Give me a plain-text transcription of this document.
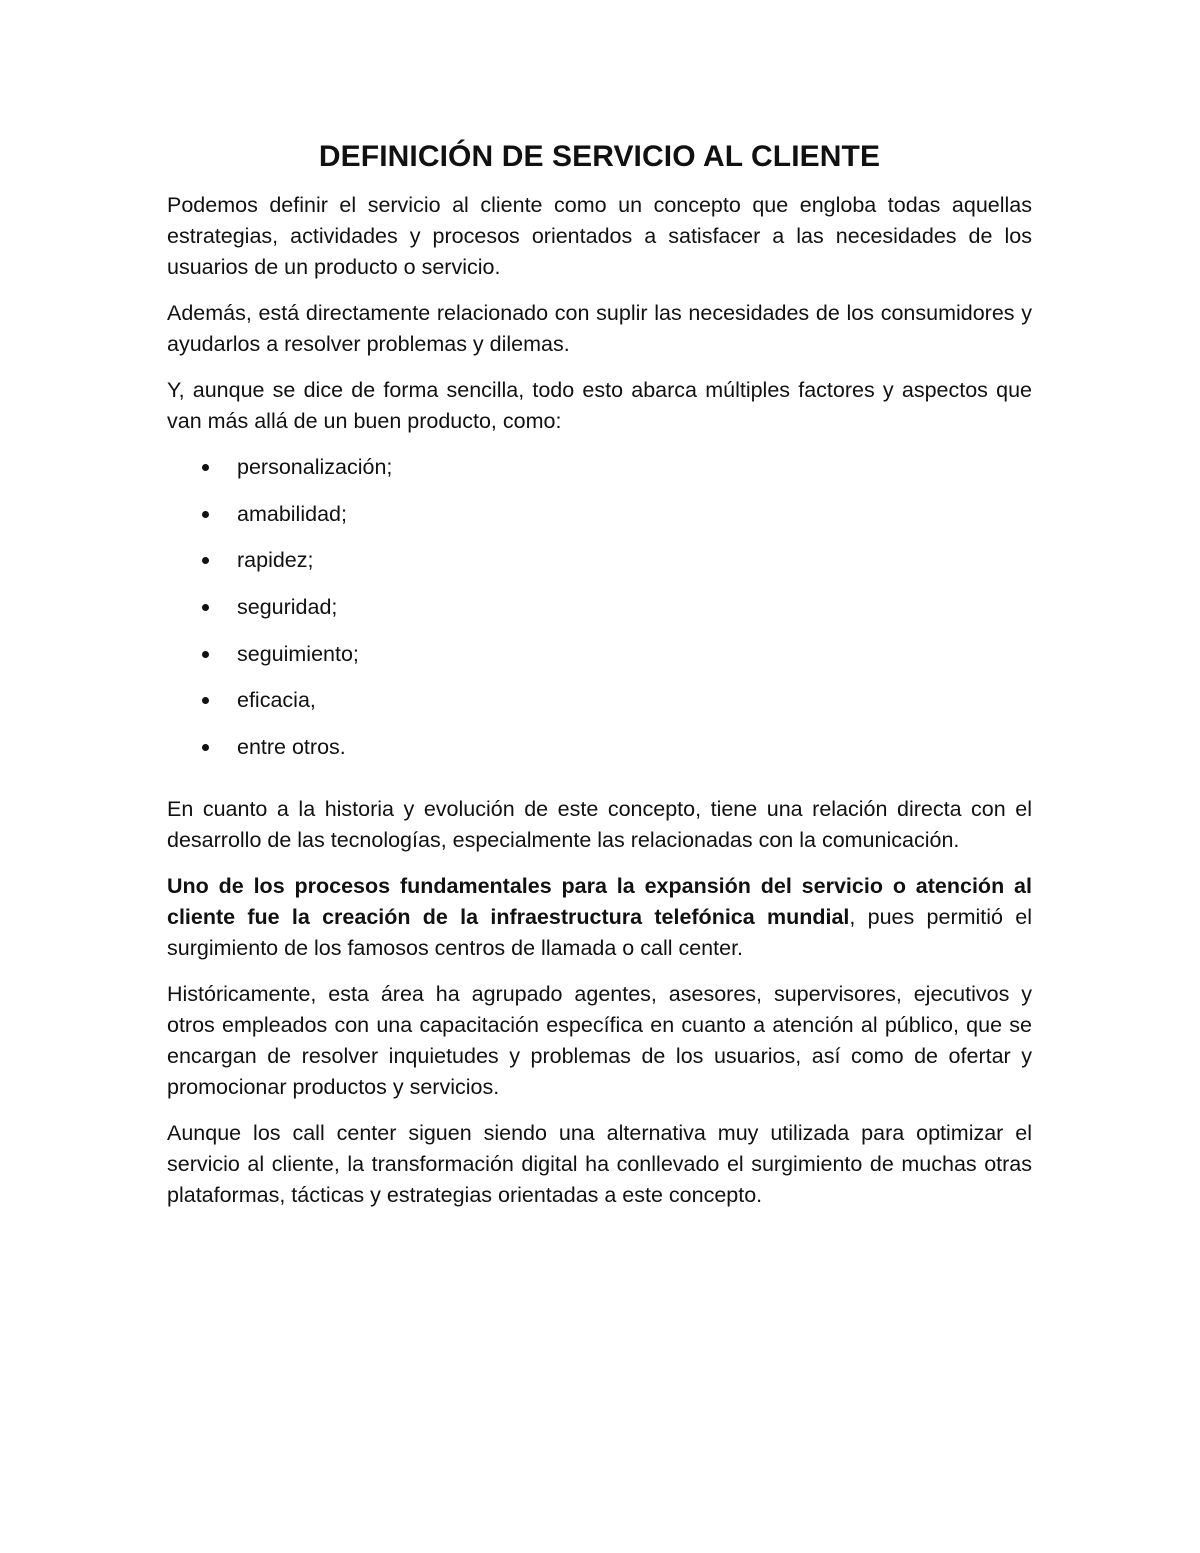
DEFINICIÓN DE SERVICIO AL CLIENTE

Podemos definir el servicio al cliente como un concepto que engloba todas aquellas estrategias, actividades y procesos orientados a satisfacer a las necesidades de los usuarios de un producto o servicio.

Además, está directamente relacionado con suplir las necesidades de los consumidores y ayudarlos a resolver problemas y dilemas.

Y, aunque se dice de forma sencilla, todo esto abarca múltiples factores y aspectos que van más allá de un buen producto, como:

personalización;
amabilidad;
rapidez;
seguridad;
seguimiento;
eficacia,
entre otros.

En cuanto a la historia y evolución de este concepto, tiene una relación directa con el desarrollo de las tecnologías, especialmente las relacionadas con la comunicación.

Uno de los procesos fundamentales para la expansión del servicio o atención al cliente fue la creación de la infraestructura telefónica mundial, pues permitió el surgimiento de los famosos centros de llamada o call center.

Históricamente, esta área ha agrupado agentes, asesores, supervisores, ejecutivos y otros empleados con una capacitación específica en cuanto a atención al público, que se encargan de resolver inquietudes y problemas de los usuarios, así como de ofertar y promocionar productos y servicios.

Aunque los call center siguen siendo una alternativa muy utilizada para optimizar el servicio al cliente, la transformación digital ha conllevado el surgimiento de muchas otras plataformas, tácticas y estrategias orientadas a este concepto.
